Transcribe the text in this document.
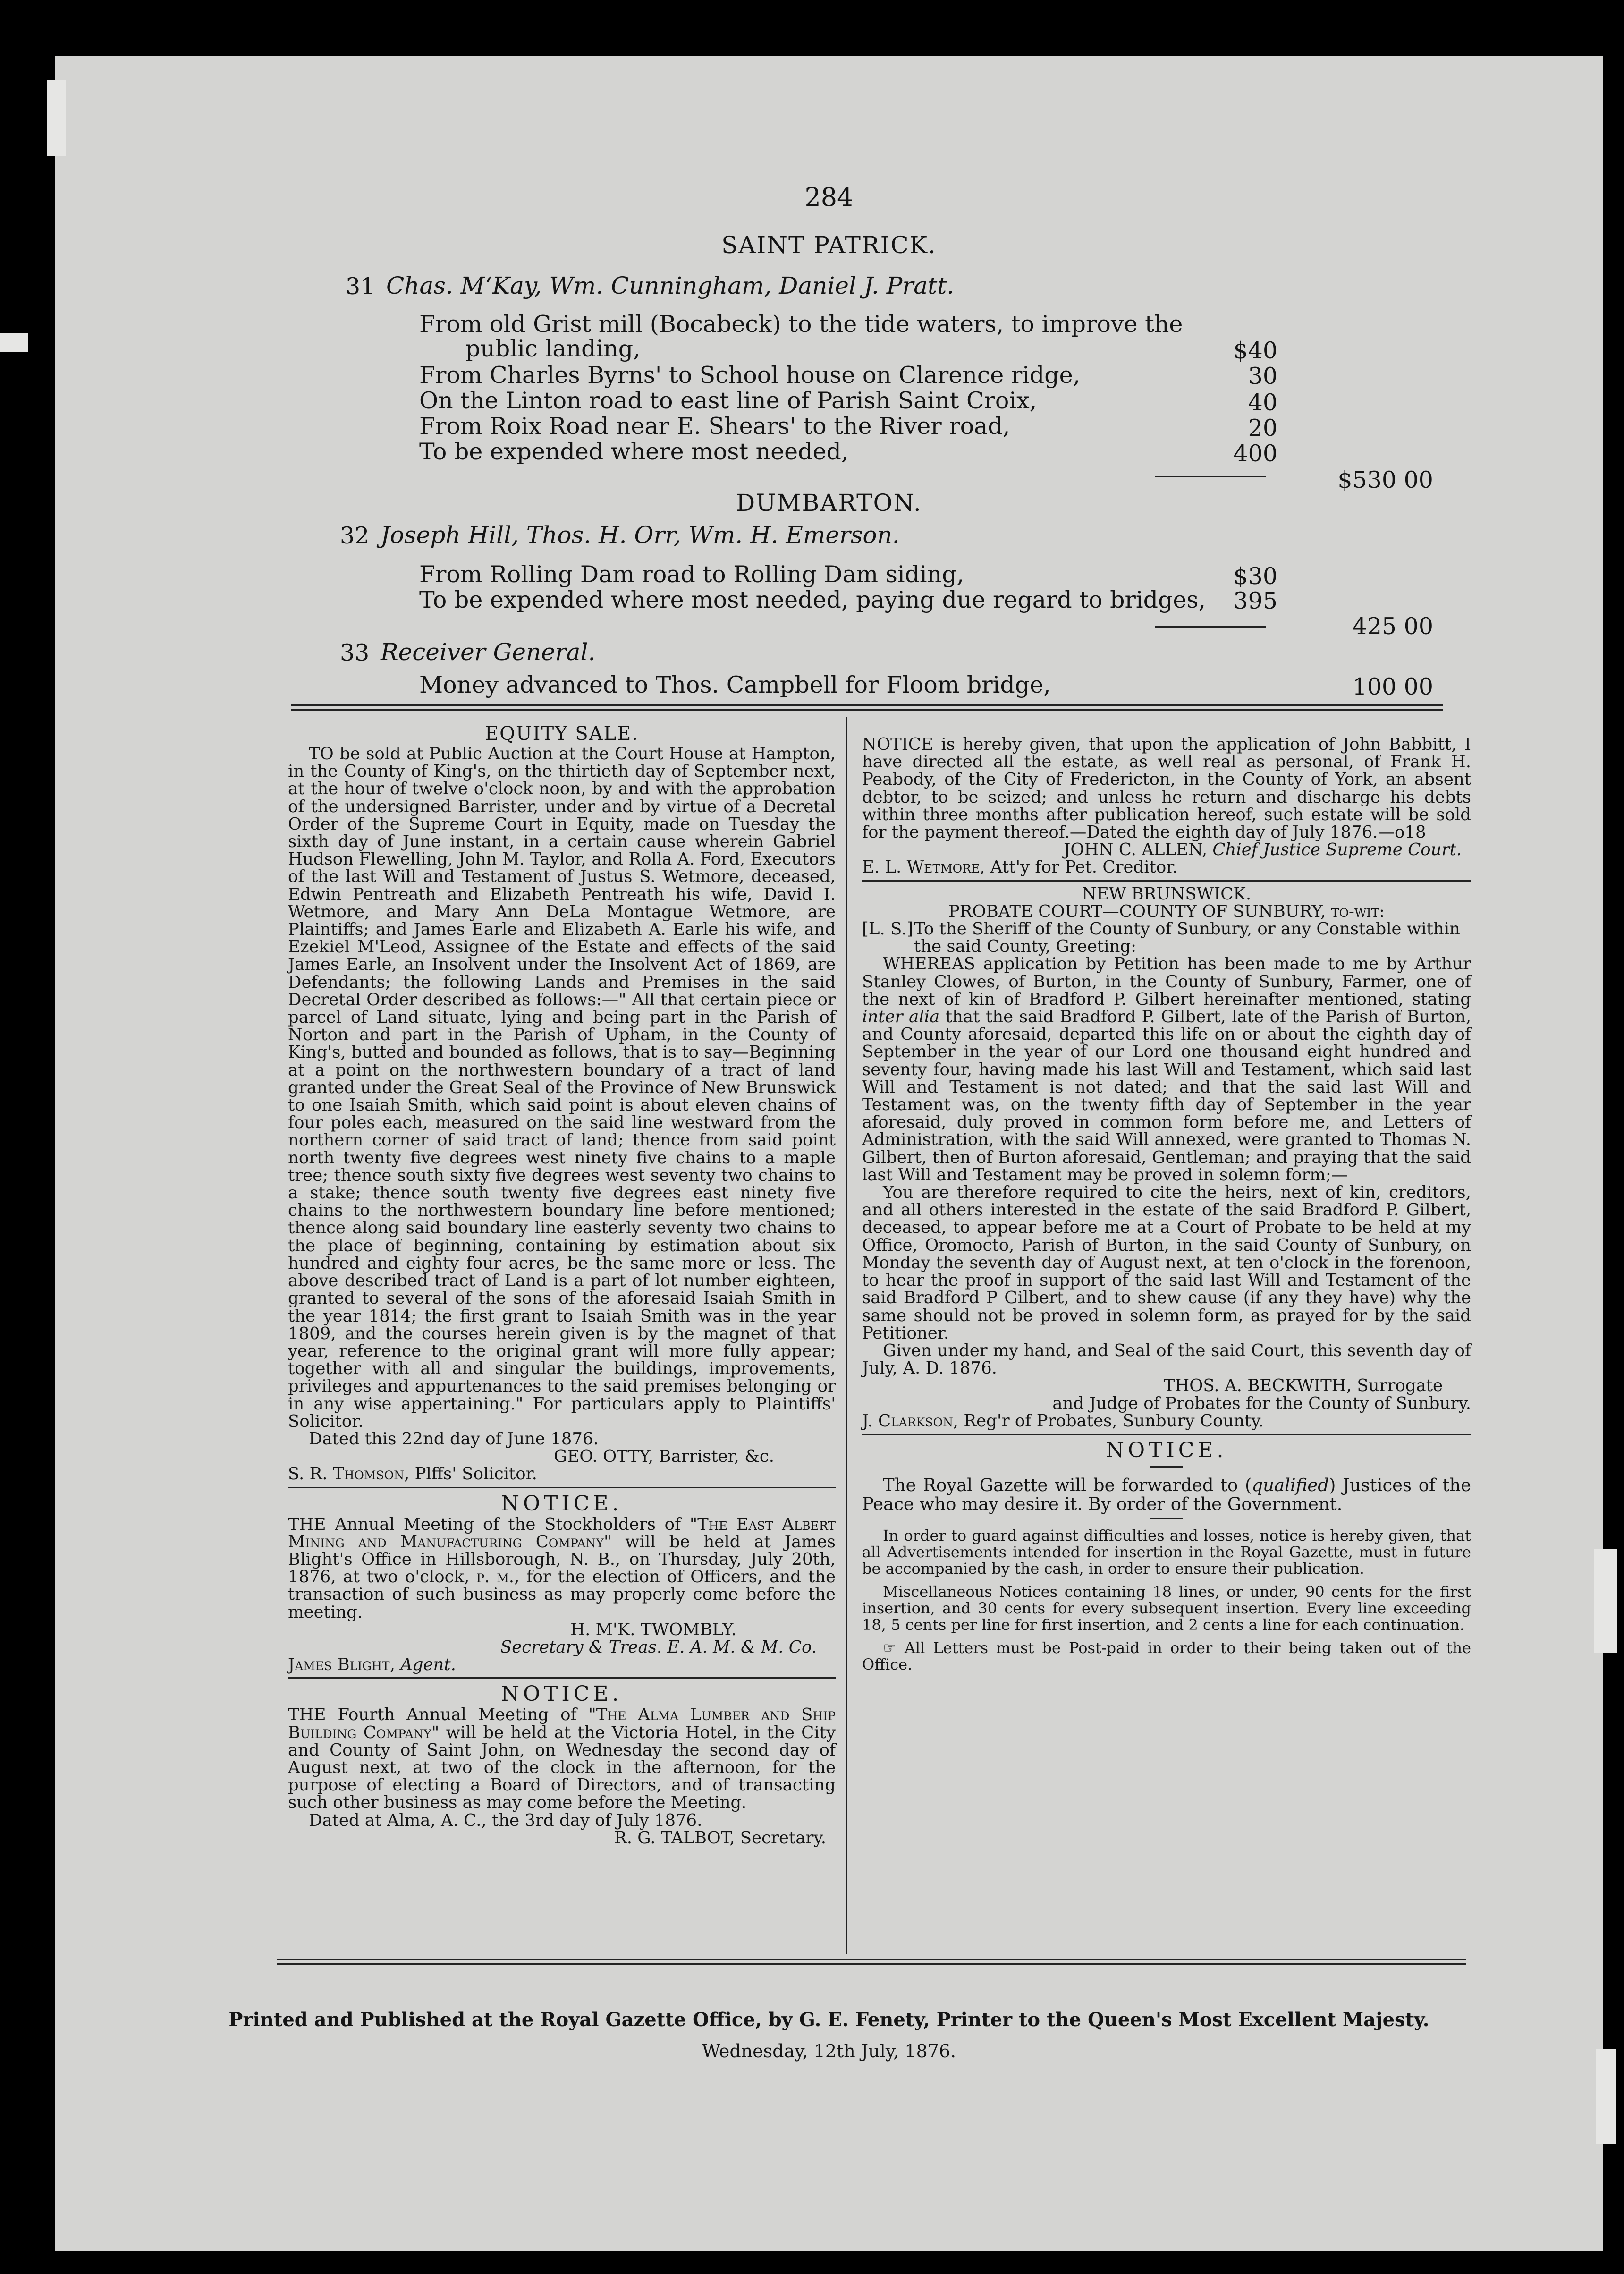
284
SAINT PATRICK.
31 Chas. M‘Kay, Wm. Cunningham, Daniel J. Pratt.
From old Grist mill (Bocabeck) to the tide waters, to improve the
public landing,	$40
From Charles Byrns' to School house on Clarence ridge,	30
On the Linton road to east line of Parish Saint Croix,	40
From Roix Road near E. Shears' to the River road,	20
To be expended where most needed,	400
$530 00
DUMBARTON.
32 Joseph Hill, Thos. H. Orr, Wm. H. Emerson.
From Rolling Dam road to Rolling Dam siding,	$30
To be expended where most needed, paying due regard to bridges,	395
425 00
33 Receiver General.
Money advanced to Thos. Campbell for Floom bridge,	100 00

EQUITY SALE.

TO be sold at Public Auction at the Court House at Hampton, in the County of King's, on the thirtieth day of September next, at the hour of twelve o'clock noon, by and with the approbation of the undersigned Barrister, under and by virtue of a Decretal Order of the Supreme Court in Equity, made on Tuesday the sixth day of June instant, in a certain cause wherein Gabriel Hudson Flewelling, John M. Taylor, and Rolla A. Ford, Executors of the last Will and Testament of Justus S. Wetmore, deceased, Edwin Pentreath and Elizabeth Pentreath his wife, David I. Wetmore, and Mary Ann DeLa Montague Wetmore, are Plaintiffs; and James Earle and Elizabeth A. Earle his wife, and Ezekiel M'Leod, Assignee of the Estate and effects of the said James Earle, an Insolvent under the Insolvent Act of 1869, are Defendants; the following Lands and Premises in the said Decretal Order described as follows:—" All that certain piece or parcel of Land situate, lying and being part in the Parish of Norton and part in the Parish of Upham, in the County of King's, butted and bounded as follows, that is to say—Beginning at a point on the northwestern boundary of a tract of land granted under the Great Seal of the Province of New Brunswick to one Isaiah Smith, which said point is about eleven chains of four poles each, measured on the said line westward from the northern corner of said tract of land; thence from said point north twenty five degrees west ninety five chains to a maple tree; thence south sixty five degrees west seventy two chains to a stake; thence south twenty five degrees east ninety five chains to the northwestern boundary line before mentioned; thence along said boundary line easterly seventy two chains to the place of beginning, containing by estimation about six hundred and eighty four acres, be the same more or less. The above described tract of Land is a part of lot number eighteen, granted to several of the sons of the aforesaid Isaiah Smith in the year 1814; the first grant to Isaiah Smith was in the year 1809, and the courses herein given is by the magnet of that year, reference to the original grant will more fully appear; together with all and singular the buildings, improvements, privileges and appurtenances to the said premises belonging or in any wise appertaining." For particulars apply to Plaintiffs' Solicitor.

Dated this 22nd day of June 1876.

GEO. OTTY, Barrister, &c.

S. R. Thomson, Plffs' Solicitor.

NOTICE.

THE Annual Meeting of the Stockholders of "The East Albert Mining and Manufacturing Company" will be held at James Blight's Office in Hillsborough, N. B., on Thursday, July 20th, 1876, at two o'clock, p. m., for the election of Officers, and the transaction of such business as may properly come before the meeting.

H. M'K. TWOMBLY.

Secretary & Treas. E. A. M. & M. Co.

James Blight, Agent.

NOTICE.

THE Fourth Annual Meeting of "The Alma Lumber and Ship Building Company" will be held at the Victoria Hotel, in the City and County of Saint John, on Wednesday the second day of August next, at two of the clock in the afternoon, for the purpose of electing a Board of Directors, and of transacting such other business as may come before the Meeting.

Dated at Alma, A. C., the 3rd day of July 1876.

R. G. TALBOT, Secretary.

NOTICE is hereby given, that upon the application of John Babbitt, I have directed all the estate, as well real as personal, of Frank H. Peabody, of the City of Fredericton, in the County of York, an absent debtor, to be seized; and unless he return and discharge his debts within three months after publication hereof, such estate will be sold for the payment thereof.—Dated the eighth day of July 1876.—o18

JOHN C. ALLEN, Chief Justice Supreme Court.

E. L. Wetmore, Att'y for Pet. Creditor.

NEW BRUNSWICK.

PROBATE COURT—COUNTY OF SUNBURY, to-wit:

[L. S.] To the Sheriff of the County of Sunbury, or any Constable within the said County, Greeting:

WHEREAS application by Petition has been made to me by Arthur Stanley Clowes, of Burton, in the County of Sunbury, Farmer, one of the next of kin of Bradford P. Gilbert hereinafter mentioned, stating inter alia that the said Bradford P. Gilbert, late of the Parish of Burton, and County aforesaid, departed this life on or about the eighth day of September in the year of our Lord one thousand eight hundred and seventy four, having made his last Will and Testament, which said last Will and Testament is not dated; and that the said last Will and Testament was, on the twenty fifth day of September in the year aforesaid, duly proved in common form before me, and Letters of Administration, with the said Will annexed, were granted to Thomas N. Gilbert, then of Burton aforesaid, Gentleman; and praying that the said last Will and Testament may be proved in solemn form;—

You are therefore required to cite the heirs, next of kin, creditors, and all others interested in the estate of the said Bradford P. Gilbert, deceased, to appear before me at a Court of Probate to be held at my Office, Oromocto, Parish of Burton, in the said County of Sunbury, on Monday the seventh day of August next, at ten o'clock in the forenoon, to hear the proof in support of the said last Will and Testament of the said Bradford P Gilbert, and to shew cause (if any they have) why the same should not be proved in solemn form, as prayed for by the said Petitioner.

Given under my hand, and Seal of the said Court, this seventh day of July, A. D. 1876.

THOS. A. BECKWITH, Surrogate

and Judge of Probates for the County of Sunbury.

J. Clarkson, Reg'r of Probates, Sunbury County.

NOTICE.

The Royal Gazette will be forwarded to (qualified) Justices of the Peace who may desire it. By order of the Government.

In order to guard against difficulties and losses, notice is hereby given, that all Advertisements intended for insertion in the Royal Gazette, must in future be accompanied by the cash, in order to ensure their publication.

Miscellaneous Notices containing 18 lines, or under, 90 cents for the first insertion, and 30 cents for every subsequent insertion. Every line exceeding 18, 5 cents per line for first insertion, and 2 cents a line for each continuation.

☞ All Letters must be Post-paid in order to their being taken out of the Office.

Printed and Published at the Royal Gazette Office, by G. E. Fenety, Printer to the Queen's Most Excellent Majesty.
Wednesday, 12th July, 1876.
